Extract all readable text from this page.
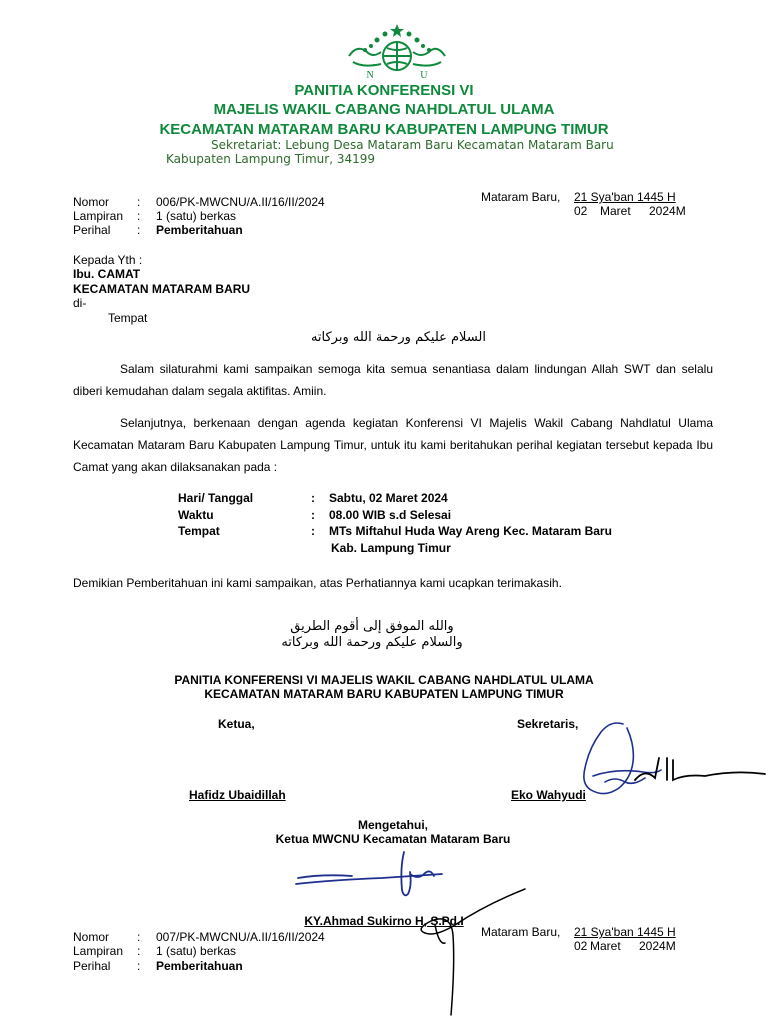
N U
PANITIA KONFERENSI VI
MAJELIS WAKIL CABANG NAHDLATUL ULAMA
KECAMATAN MATARAM BARU KABUPATEN LAMPUNG TIMUR
Sekretariat: Lebung Desa Mataram Baru Kecamatan Mataram Baru
Kabupaten Lampung Timur, 34199
Nomor : 006/PK-MWCNU/A.II/16/II/2024
Lampiran : 1 (satu) berkas
Perihal : Pemberitahuan
Mataram Baru, 21 Sya'ban 1445 H
02 Maret 2024M
Kepada Yth :
Ibu. CAMAT
KECAMATAN MATARAM BARU
di-
Tempat
السلام عليكم ورحمة الله وبركاته
Salam silaturahmi kami sampaikan semoga kita semua senantiasa dalam lindungan Allah SWT dan selalu diberi kemudahan dalam segala aktifitas. Amiin.
Selanjutnya, berkenaan dengan agenda kegiatan Konferensi VI Majelis Wakil Cabang Nahdlatul Ulama Kecamatan Mataram Baru Kabupaten Lampung Timur, untuk itu kami beritahukan perihal kegiatan tersebut kepada Ibu Camat yang akan dilaksanakan pada :
Hari/ Tanggal	: Sabtu, 02 Maret 2024
Waktu	: 08.00 WIB s.d Selesai
Tempat	: MTs Miftahul Huda Way Areng Kec. Mataram Baru
Kab. Lampung Timur
Demikian Pemberitahuan ini kami sampaikan, atas Perhatiannya kami ucapkan terimakasih.
والله الموفق إلى أقوم الطريق
والسلام عليكم ورحمة الله وبركاته
PANITIA KONFERENSI VI MAJELIS WAKIL CABANG NAHDLATUL ULAMA
KECAMATAN MATARAM BARU KABUPATEN LAMPUNG TIMUR
Ketua,	Sekretaris,
Hafidz Ubaidillah	Eko Wahyudi
Mengetahui,
Ketua MWCNU Kecamatan Mataram Baru
KY.Ahmad Sukirno H, S.Pd.I
Nomor : 007/PK-MWCNU/A.II/16/II/2024
Lampiran : 1 (satu) berkas
Perihal : Pemberitahuan
Mataram Baru, 21 Sya'ban 1445 H
02 Maret 2024M
